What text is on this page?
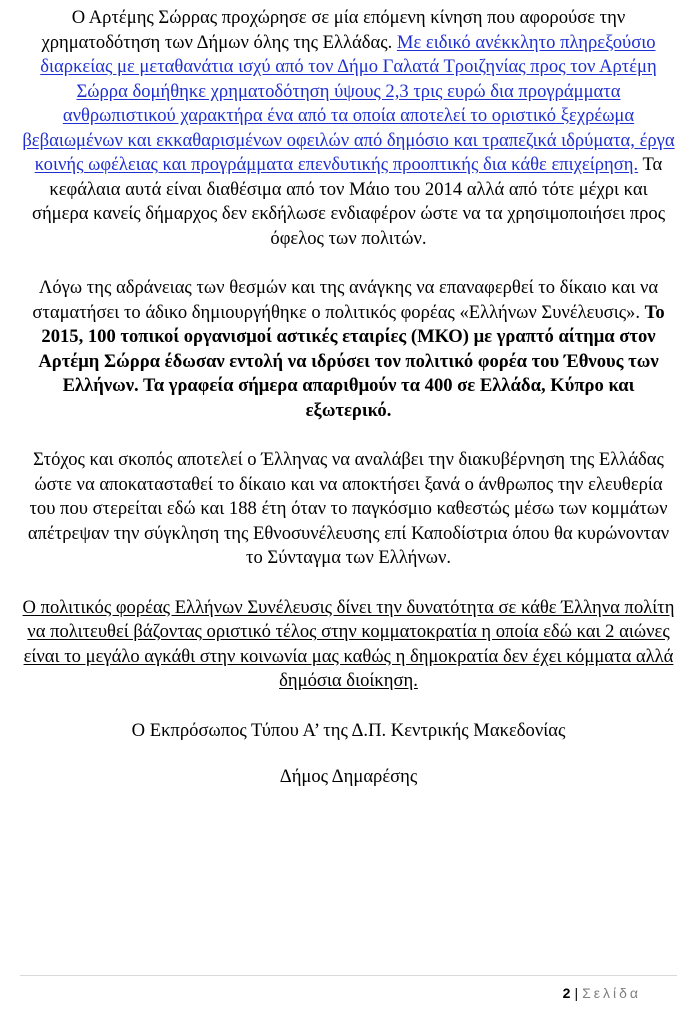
Ο Αρτέμης Σώρρας προχώρησε σε μία επόμενη κίνηση που αφορούσε την χρηματοδότηση των Δήμων όλης της Ελλάδας. Με ειδικό ανέκκλητο πληρεξούσιο διαρκείας με μεταθανάτια ισχύ από τον Δήμο Γαλατά Τροιζηνίας προς τον Αρτέμη Σώρρα δομήθηκε χρηματοδότηση ύψους 2,3 τρις ευρώ δια προγράμματα ανθρωπιστικού χαρακτήρα ένα από τα οποία αποτελεί το οριστικό ξεχρέωμα βεβαιωμένων και εκκαθαρισμένων οφειλών από δημόσιο και τραπεζικά ιδρύματα, έργα κοινής ωφέλειας και προγράμματα επενδυτικής προοπτικής δια κάθε επιχείρηση. Τα κεφάλαια αυτά είναι διαθέσιμα από τον Μάιο του 2014 αλλά από τότε μέχρι και σήμερα κανείς δήμαρχος δεν εκδήλωσε ενδιαφέρον ώστε να τα χρησιμοποιήσει προς όφελος των πολιτών.

Λόγω της αδράνειας των θεσμών και της ανάγκης να επαναφερθεί το δίκαιο και να σταματήσει το άδικο δημιουργήθηκε ο πολιτικός φορέας «Ελλήνων Συνέλευσις». Το 2015, 100 τοπικοί οργανισμοί αστικές εταιρίες (ΜΚΟ) με γραπτό αίτημα στον Αρτέμη Σώρρα έδωσαν εντολή να ιδρύσει τον πολιτικό φορέα του Έθνους των Ελλήνων. Τα γραφεία σήμερα απαριθμούν τα 400 σε Ελλάδα, Κύπρο και εξωτερικό.

Στόχος και σκοπός αποτελεί ο Έλληνας να αναλάβει την διακυβέρνηση της Ελλάδας ώστε να αποκατασταθεί το δίκαιο και να αποκτήσει ξανά ο άνθρωπος την ελευθερία του που στερείται εδώ και 188 έτη όταν το παγκόσμιο καθεστώς μέσω των κομμάτων απέτρεψαν την σύγκληση της Εθνοσυνέλευσης επί Καποδίστρια όπου θα κυρώνονταν το Σύνταγμα των Ελλήνων.

Ο πολιτικός φορέας Ελλήνων Συνέλευσις δίνει την δυνατότητα σε κάθε Έλληνα πολίτη να πολιτευθεί βάζοντας οριστικό τέλος στην κομματοκρατία η οποία εδώ και 2 αιώνες είναι το μεγάλο αγκάθι στην κοινωνία μας καθώς η δημοκρατία δεν έχει κόμματα αλλά δημόσια διοίκηση.

Ο Εκπρόσωπος Τύπου Α’ της Δ.Π. Κεντρικής Μακεδονίας

Δήμος Δημαρέσης

2 | Σελίδα
